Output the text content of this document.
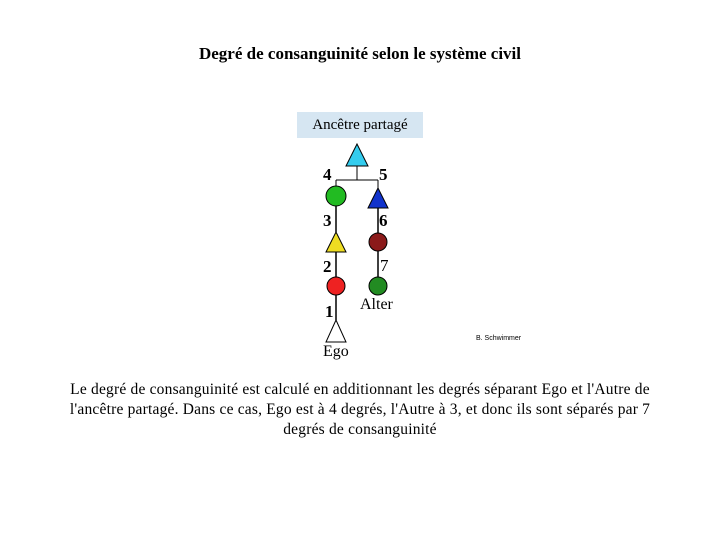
Degré de consanguinité selon le système civil
Ancêtre partagé
4
3
2
1
5
6
7
Alter
Ego
B. Schwimmer
Le degré de consanguinité est calculé en additionnant les degrés séparant Ego et l'Autre de l'ancêtre partagé. Dans ce cas, Ego est à 4 degrés, l'Autre à 3, et donc ils sont séparés par 7 degrés de consanguinité
